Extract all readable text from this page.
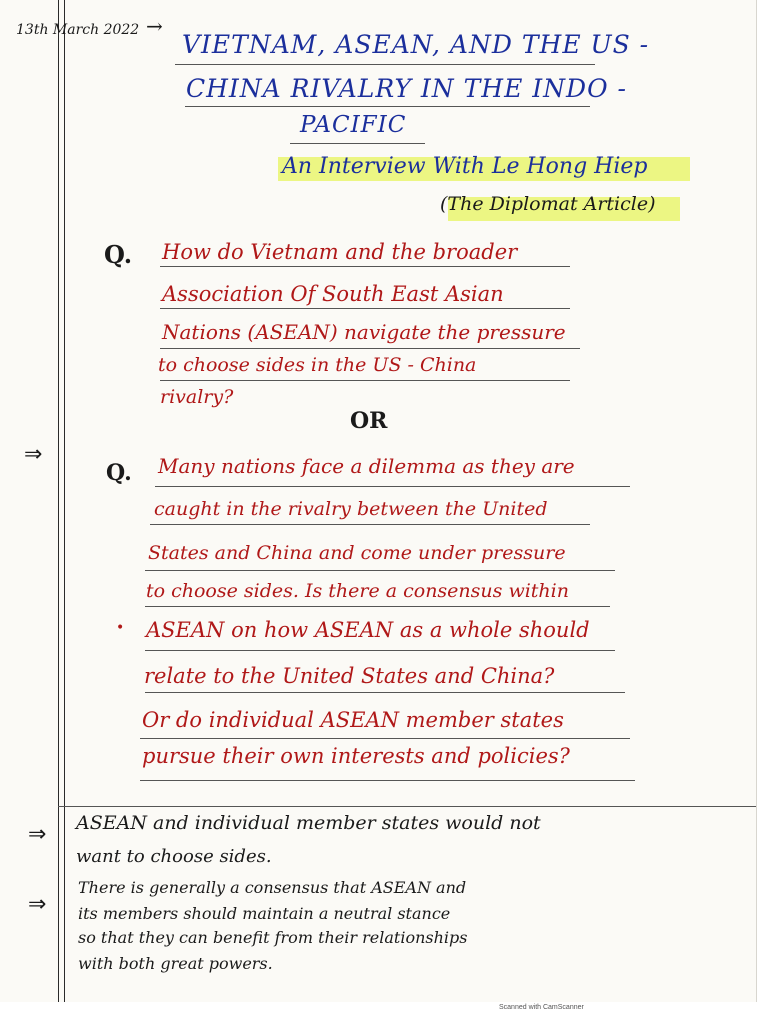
13th March 2022 →
VIETNAM, ASEAN, AND THE US -
CHINA RIVALRY IN THE INDO -
PACIFIC
An Interview With Le Hong Hiep
(The Diplomat Article)
Q. How do Vietnam and the broader
Association Of South East Asian
Nations (ASEAN) navigate the pressure
to choose sides in the US - China
rivalry?
OR
⇒
Q. Many nations face a dilemma as they are
caught in the rivalry between the United
States and China and come under pressure
to choose sides. Is there a consensus within
• ASEAN on how ASEAN as a whole should
relate to the United States and China?
Or do individual ASEAN member states
pursue their own interests and policies?
⇒ ASEAN and individual member states would not
want to choose sides.
⇒
There is generally a consensus that ASEAN and
its members should maintain a neutral stance
so that they can benefit from their relationships
with both great powers.
Scanned with CamScanner
